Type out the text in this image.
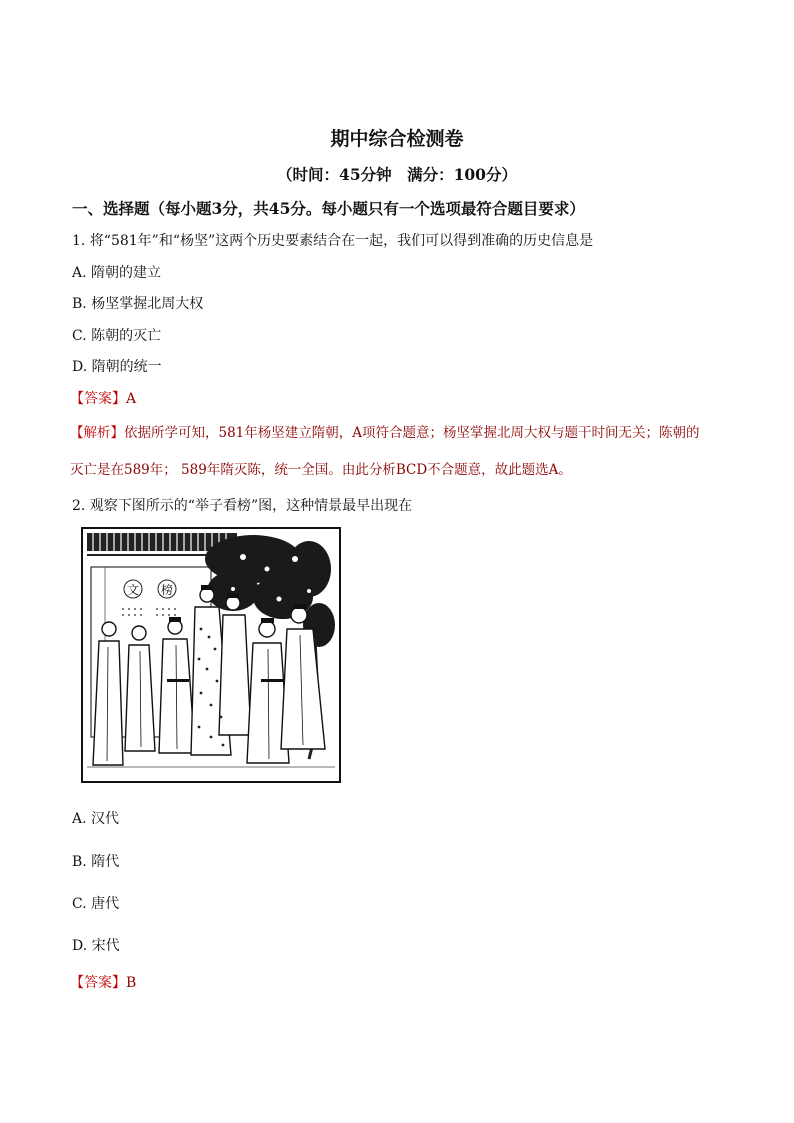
期中综合检测卷
（时间：45分钟　满分：100分）
一、选择题（每小题3分，共45分。每小题只有一个选项最符合题目要求）
1. 将“581年”和“杨坚”这两个历史要素结合在一起，我们可以得到准确的历史信息是
A. 隋朝的建立
B. 杨坚掌握北周大权
C. 陈朝的灭亡
D. 隋朝的统一
【答案】A
【解析】依据所学可知，581年杨坚建立隋朝，A项符合题意；杨坚掌握北周大权与题干时间无关；陈朝的
灭亡是在589年； 589年隋灭陈，统一全国。由此分析BCD不合题意，故此题选A。
2. 观察下图所示的“举子看榜”图，这种情景最早出现在
文 榜
A. 汉代
B. 隋代
C. 唐代
D. 宋代
【答案】B
